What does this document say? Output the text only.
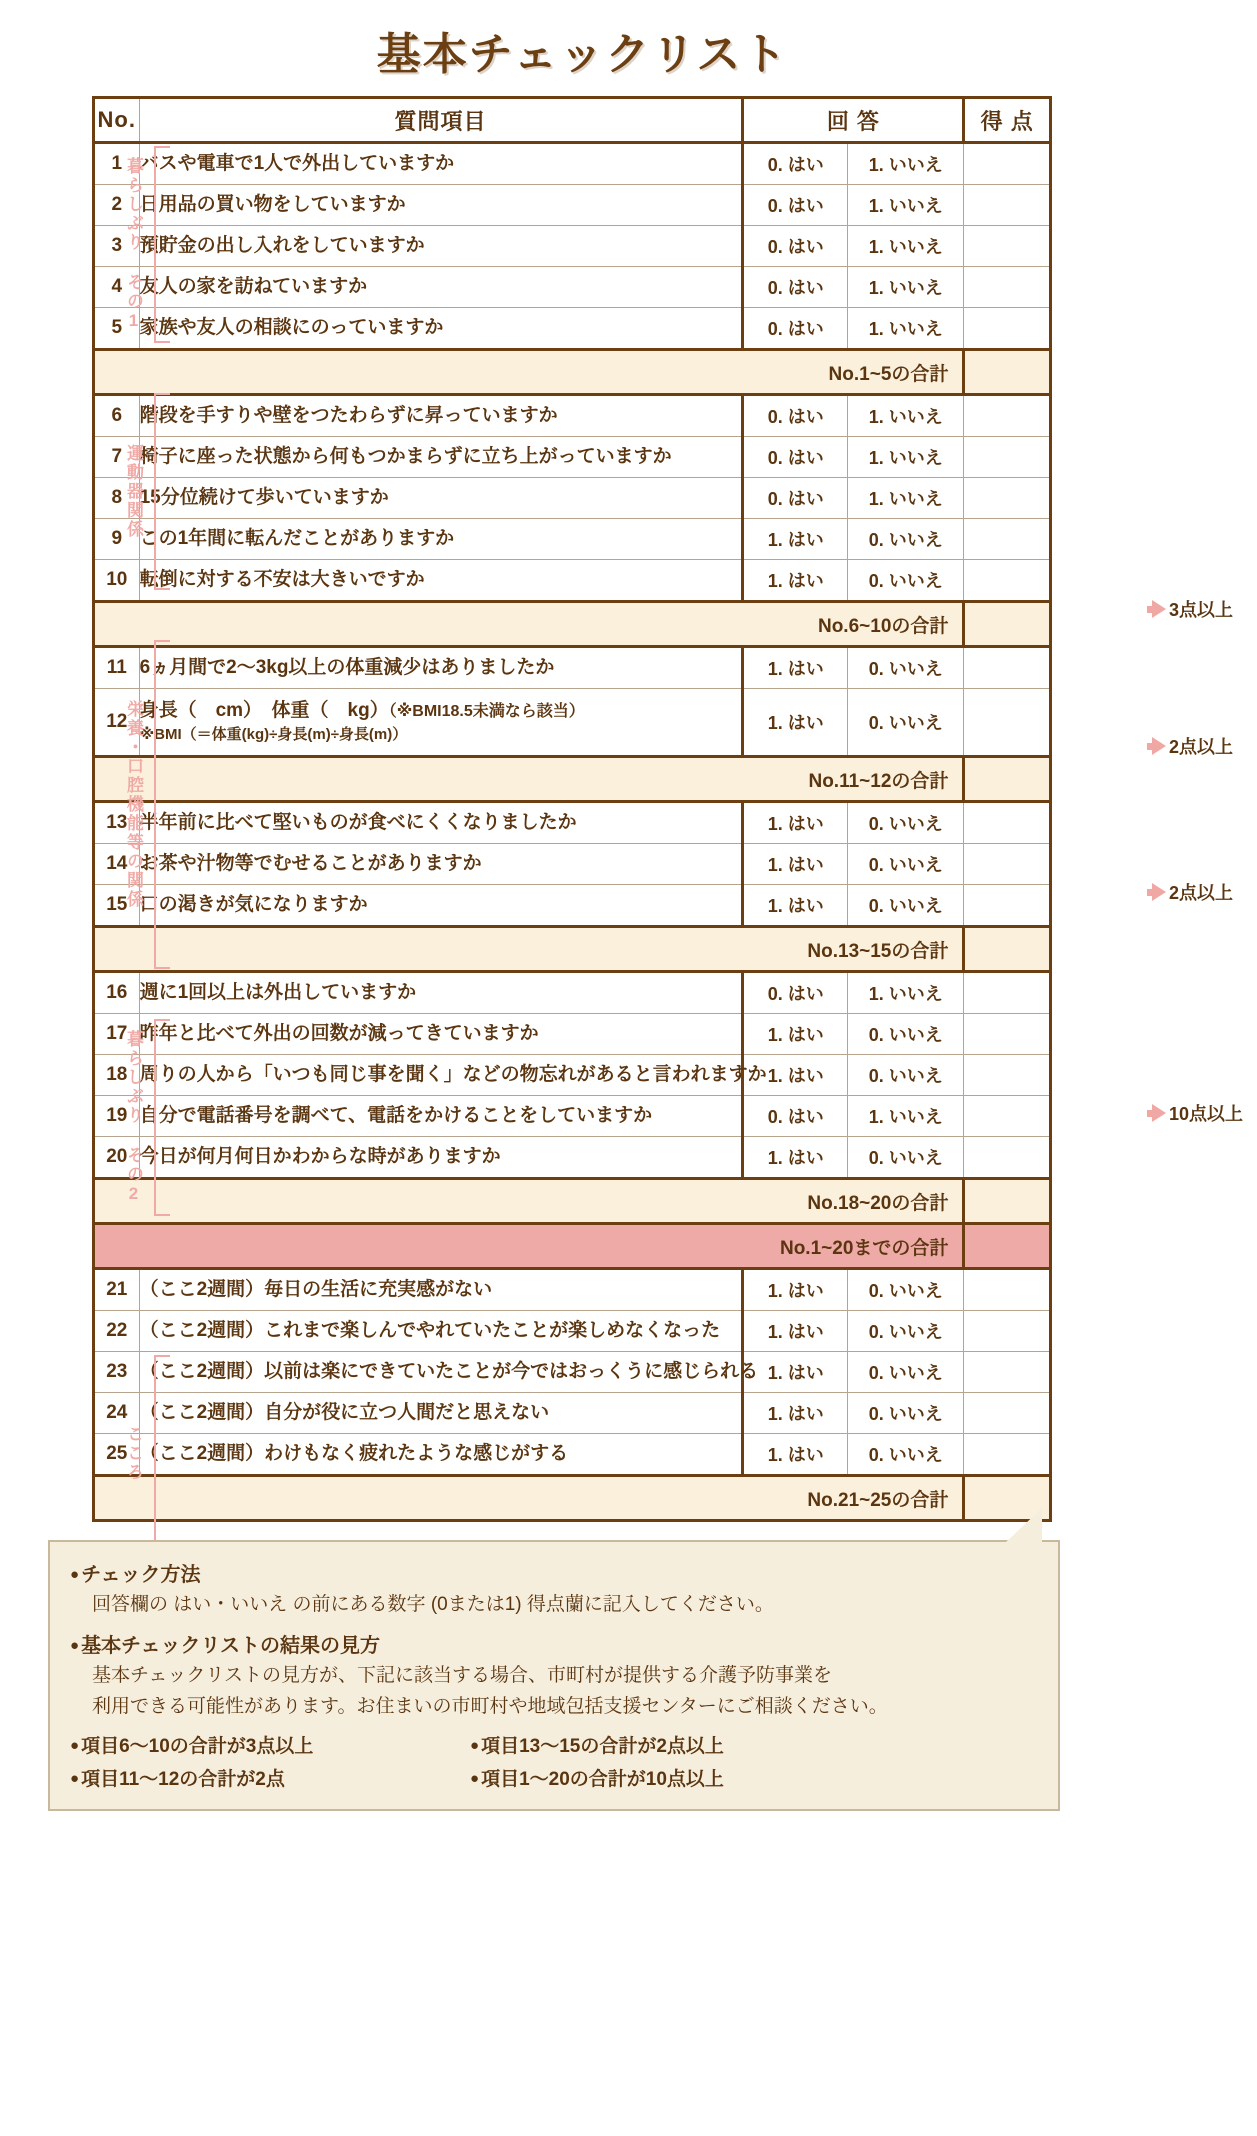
基本チェックリスト
暮らしぶり その1
運動器関係
栄養・口腔機能等の関係
暮らしぶり その2
こころ
3点以上
2点以上
2点以上
10点以上
No.	質問項目	回 答		得 点
1	バスや電車で1人で外出していますか	0. はい	1. いいえ	
2	日用品の買い物をしていますか	0. はい	1. いいえ	
3	預貯金の出し入れをしていますか	0. はい	1. いいえ	
4	友人の家を訪ねていますか	0. はい	1. いいえ	
5	家族や友人の相談にのっていますか	0. はい	1. いいえ	
No.1~5の合計				
6	階段を手すりや壁をつたわらずに昇っていますか	0. はい	1. いいえ	
7	椅子に座った状態から何もつかまらずに立ち上がっていますか	0. はい	1. いいえ	
8	15分位続けて歩いていますか	0. はい	1. いいえ	
9	この1年間に転んだことがありますか	1. はい	0. いいえ	
10	転倒に対する不安は大きいですか	1. はい	0. いいえ	
No.6~10の合計				
11	6ヵ月間で2〜3kg以上の体重減少はありましたか	1. はい	0. いいえ	
12	身長（　cm）　体重（　kg）（※BMI18.5未満なら該当）
※BMI（＝体重(kg)÷身長(m)÷身長(m)）	1. はい	0. いいえ	
No.11~12の合計				
13	半年前に比べて堅いものが食べにくくなりましたか	1. はい	0. いいえ	
14	お茶や汁物等でむせることがありますか	1. はい	0. いいえ	
15	口の渇きが気になりますか	1. はい	0. いいえ	
No.13~15の合計				
16	週に1回以上は外出していますか	0. はい	1. いいえ	
17	昨年と比べて外出の回数が減ってきていますか	1. はい	0. いいえ	
18	周りの人から「いつも同じ事を聞く」などの物忘れがあると言われますか	1. はい	0. いいえ	
19	自分で電話番号を調べて、電話をかけることをしていますか	0. はい	1. いいえ	
20	今日が何月何日かわからな時がありますか	1. はい	0. いいえ	
No.18~20の合計				
No.1~20までの合計				
21	（ここ2週間）毎日の生活に充実感がない	1. はい	0. いいえ	
22	（ここ2週間）これまで楽しんでやれていたことが楽しめなくなった	1. はい	0. いいえ	
23	（ここ2週間）以前は楽にできていたことが今ではおっくうに感じられる	1. はい	0. いいえ	
24	（ここ2週間）自分が役に立つ人間だと思えない	1. はい	0. いいえ	
25	（ここ2週間）わけもなく疲れたような感じがする	1. はい	0. いいえ	
No.21~25の合計				
● チェック方法
回答欄の はい・いいえ の前にある数字 (0または1) 得点蘭に記入してください。
● 基本チェックリストの結果の見方
基本チェックリストの見方が、下記に該当する場合、市町村が提供する介護予防事業を
利用できる可能性があります。お住まいの市町村や地域包括支援センターにご相談ください。
● 項目6〜10の合計が3点以上	● 項目13〜15の合計が2点以上
● 項目11〜12の合計が2点	● 項目1〜20の合計が10点以上
